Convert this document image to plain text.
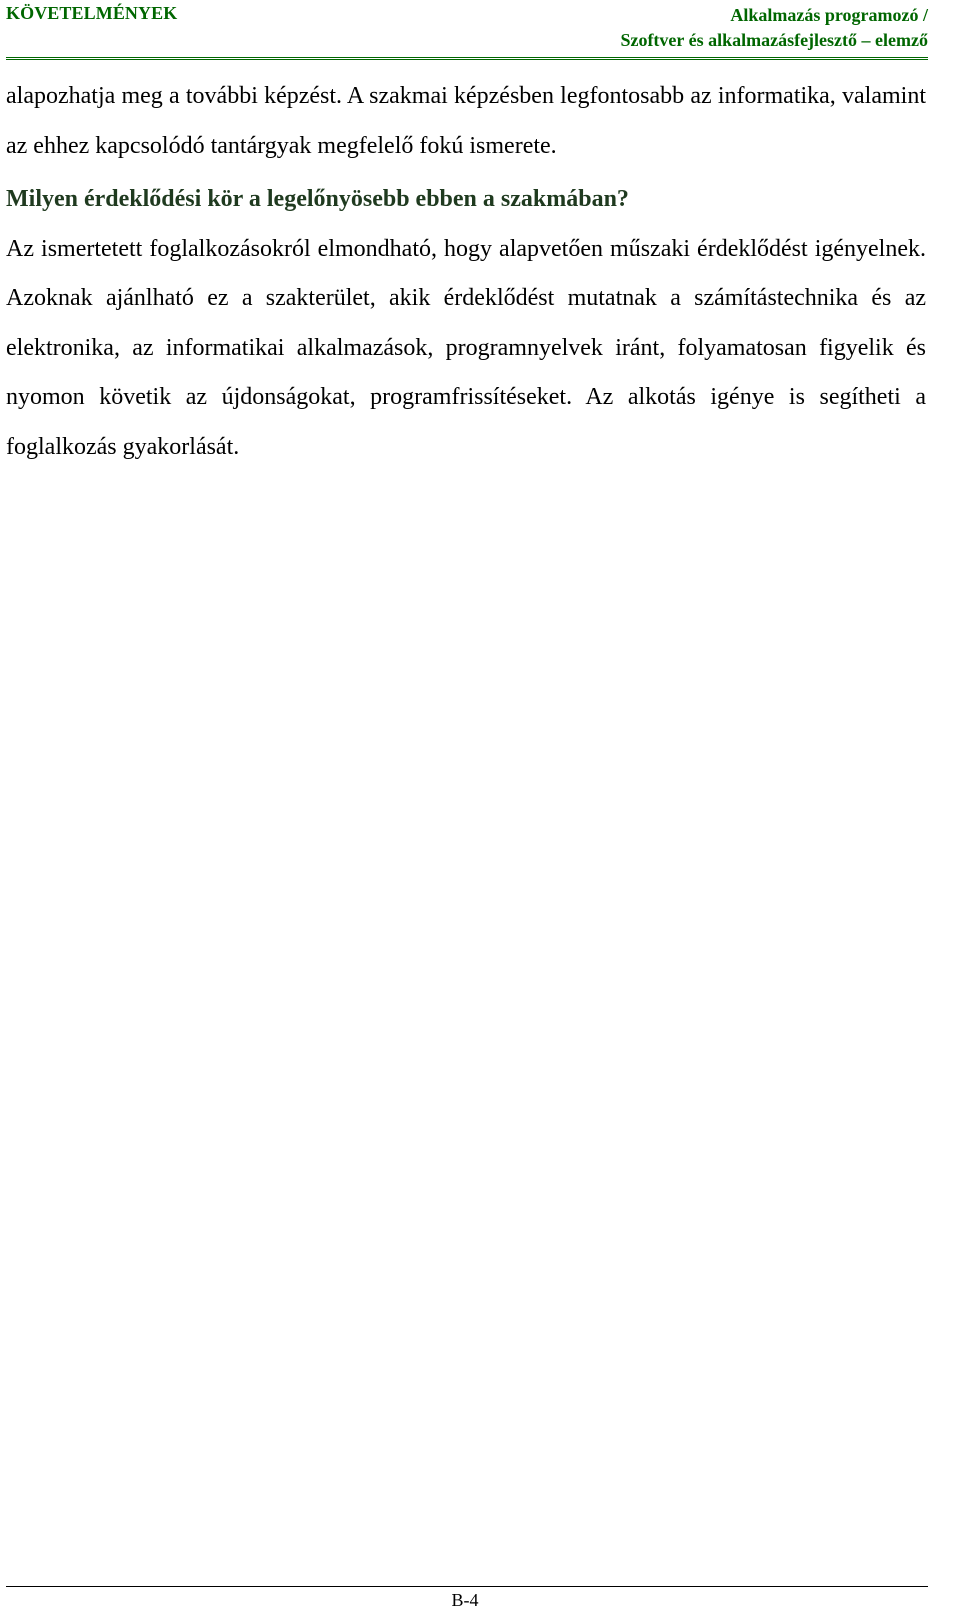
KÖVETELMÉNYEK	Alkalmazás programozó /
Szoftver és alkalmazásfejlesztő – elemző

alapozhatja meg a további képzést. A szakmai képzésben legfontosabb az informatika, valamint az ehhez kapcsolódó tantárgyak megfelelő fokú ismerete.

Milyen érdeklődési kör a legelőnyösebb ebben a szakmában?

Az ismertetett foglalkozásokról elmondható, hogy alapvetően műszaki érdeklődést igényelnek. Azoknak ajánlható ez a szakterület, akik érdeklődést mutatnak a számítástechnika és az elektronika, az informatikai alkalmazások, programnyelvek iránt, folyamatosan figyelik és nyomon követik az újdonságokat, programfrissítéseket. Az alkotás igénye is segítheti a foglalkozás gyakorlását.

B-4
